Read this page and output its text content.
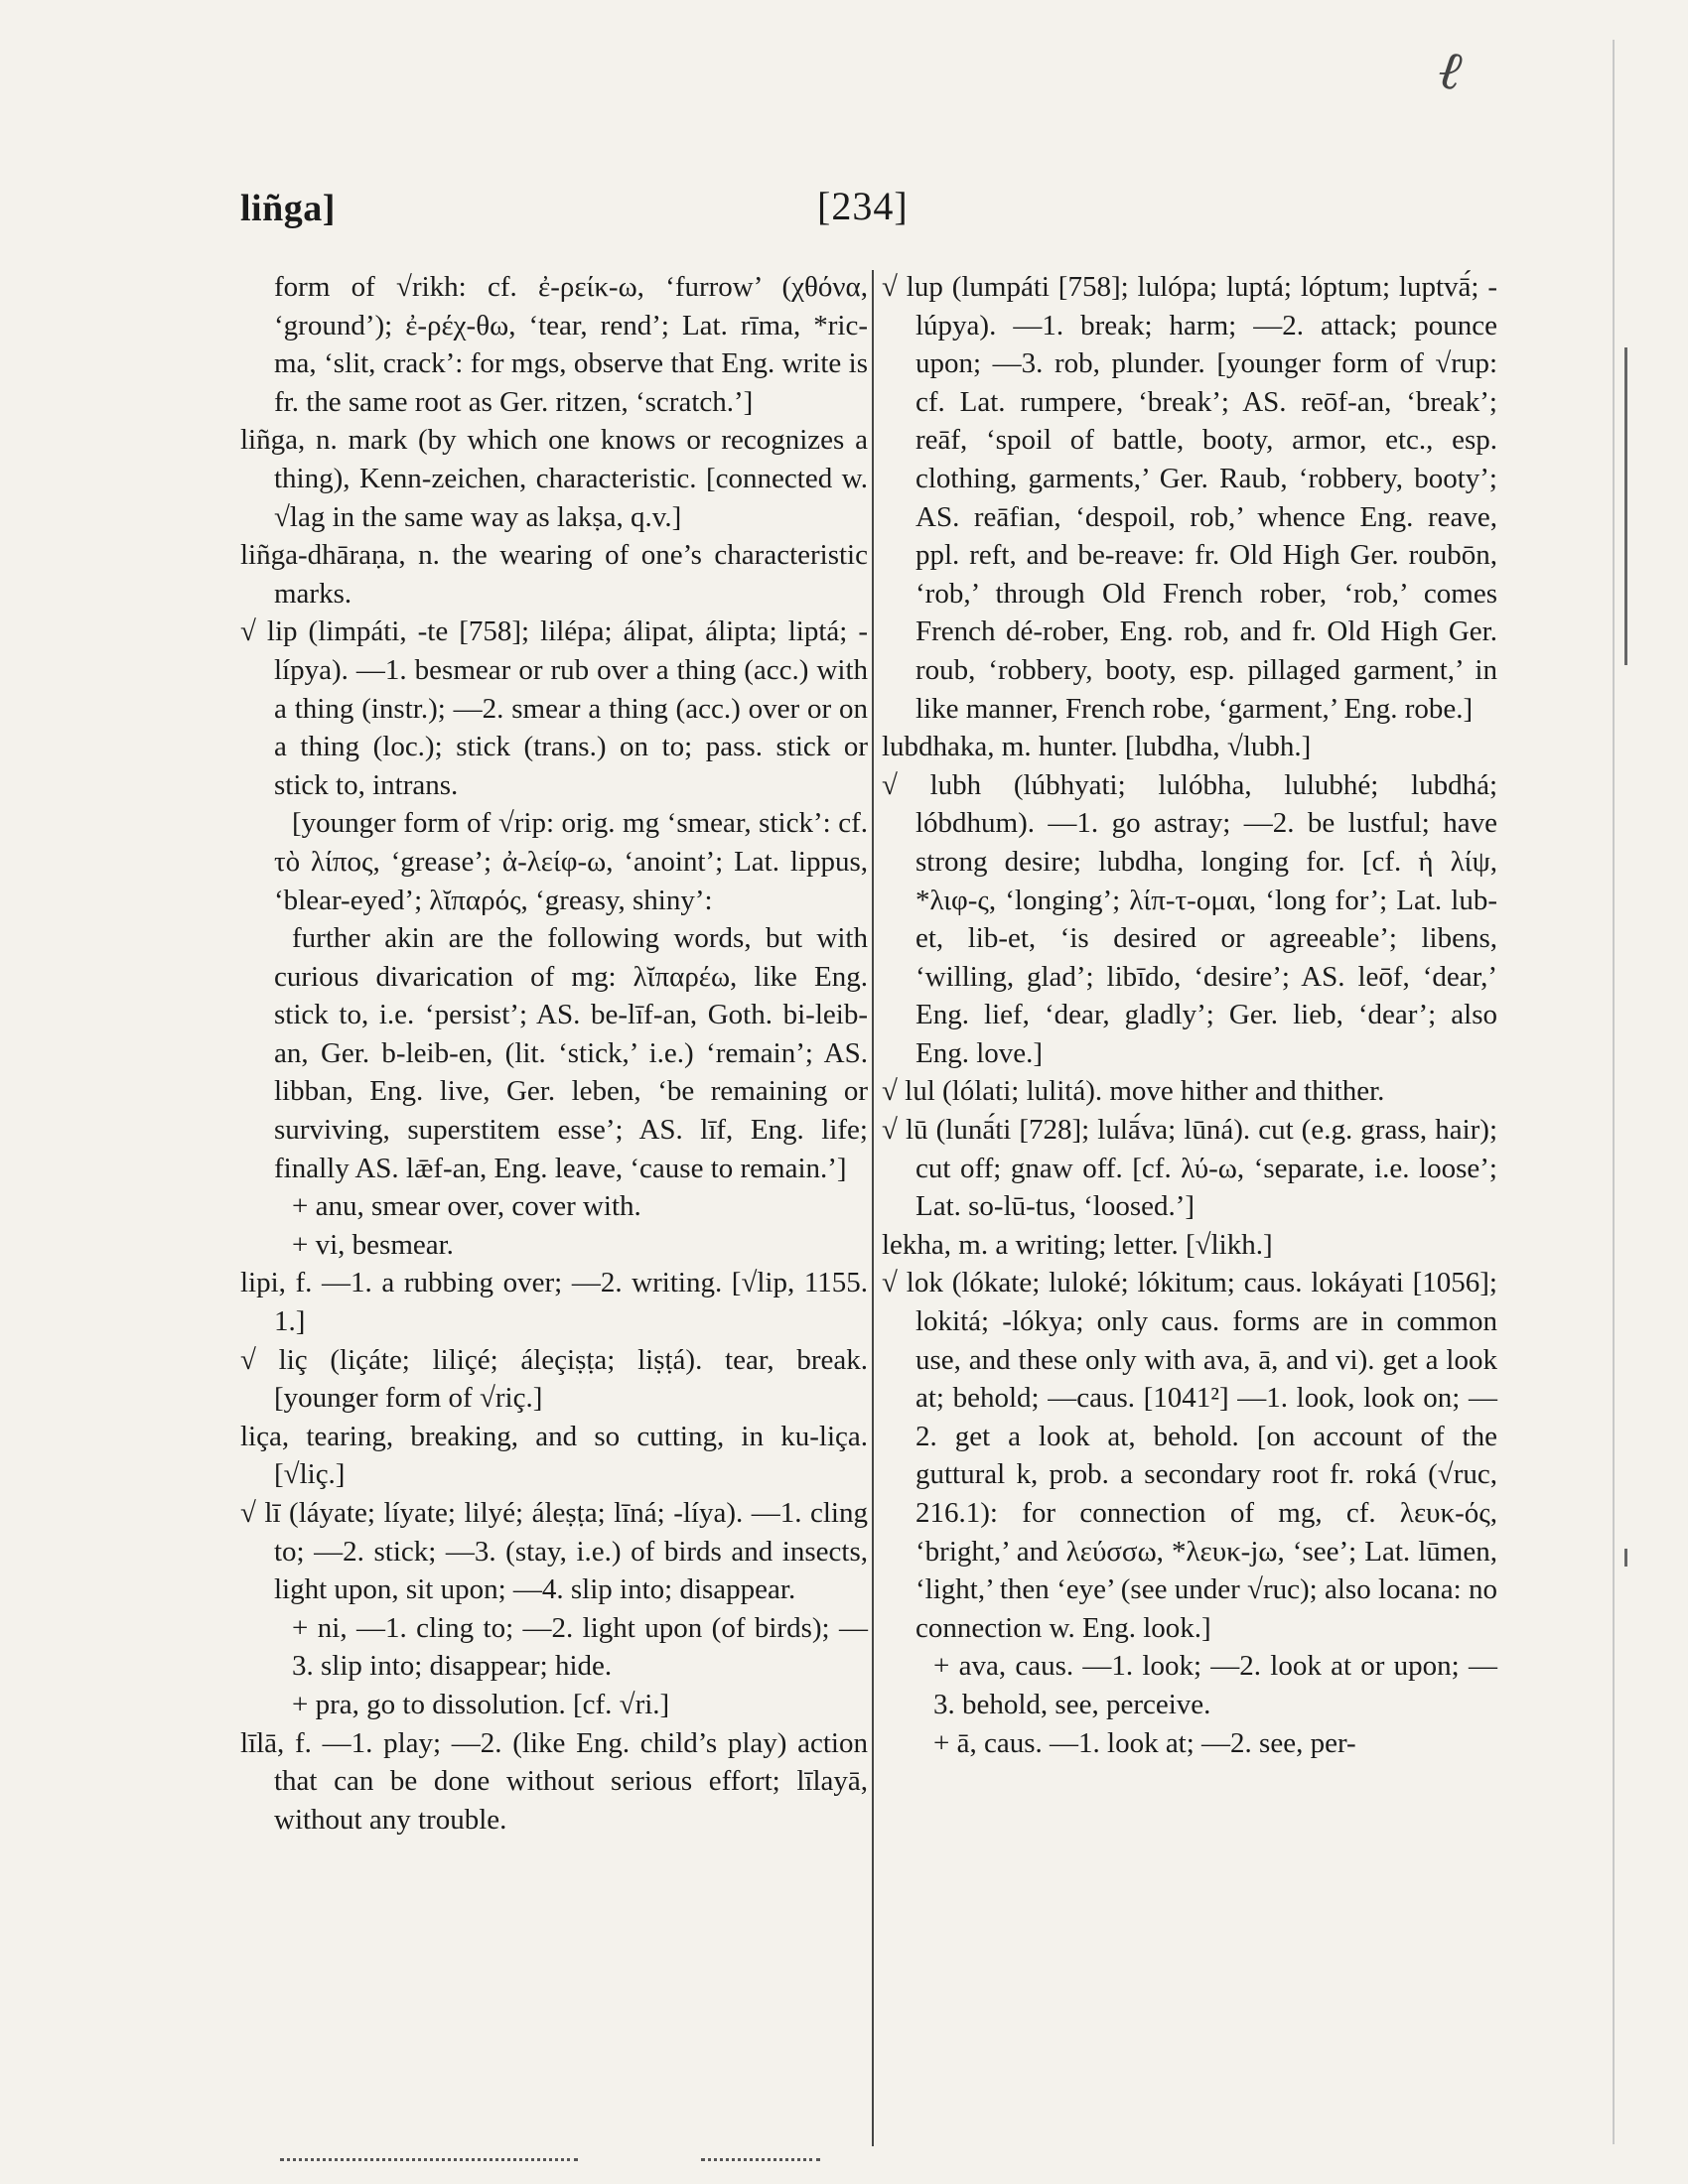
ℓ
liñga]	[234]

form of √rikh: cf. ἐ-ρείκ-ω, ‘furrow’ (χθόνα, ‘ground’); ἐ-ρέχ-θω, ‘tear, rend’; Lat. rīma, *ric-ma, ‘slit, crack’: for mgs, observe that Eng. write is fr. the same root as Ger. ritzen, ‘scratch.’]

liñga, n. mark (by which one knows or recognizes a thing), Kenn-zeichen, characteristic. [connected w. √lag in the same way as lakṣa, q.v.]

liñga-dhāraṇa, n. the wearing of one’s characteristic marks.

√ lip (limpáti, -te [758]; lilépa; álipat, álipta; liptá; -lípya). —1. besmear or rub over a thing (acc.) with a thing (instr.); —2. smear a thing (acc.) over or on a thing (loc.); stick (trans.) on to; pass. stick or stick to, intrans.

[younger form of √rip: orig. mg ‘smear, stick’: cf. τὸ λίπος, ‘grease’; ἀ-λείφ-ω, ‘anoint’; Lat. lippus, ‘blear-eyed’; λῐπαρός, ‘greasy, shiny’:

further akin are the following words, but with curious divarication of mg: λῐπαρέω, like Eng. stick to, i.e. ‘persist’; AS. be-līf-an, Goth. bi-leib-an, Ger. b-leib-en, (lit. ‘stick,’ i.e.) ‘remain’; AS. libban, Eng. live, Ger. leben, ‘be remaining or surviving, superstitem esse’; AS. līf, Eng. life; finally AS. lǣf-an, Eng. leave, ‘cause to remain.’]

+ anu, smear over, cover with.

+ vi, besmear.

lipi, f. —1. a rubbing over; —2. writing. [√lip, 1155. 1.]

√ liç (liçáte; liliçé; áleçiṣṭa; liṣṭá). tear, break. [younger form of √riç.]

liça, tearing, breaking, and so cutting, in ku-liça. [√liç.]

√ lī (láyate; líyate; lilyé; áleṣṭa; līná; -líya). —1. cling to; —2. stick; —3. (stay, i.e.) of birds and insects, light upon, sit upon; —4. slip into; disappear.

+ ni, —1. cling to; —2. light upon (of birds); —3. slip into; disappear; hide.

+ pra, go to dissolution. [cf. √ri.]

līlā, f. —1. play; —2. (like Eng. child’s play) action that can be done without serious effort; līlayā, without any trouble.

√ lup (lumpáti [758]; lulópa; luptá; lóptum; luptvā́; -lúpya). —1. break; harm; —2. attack; pounce upon; —3. rob, plunder. [younger form of √rup: cf. Lat. rumpere, ‘break’; AS. reōf-an, ‘break’; reāf, ‘spoil of battle, booty, armor, etc., esp. clothing, garments,’ Ger. Raub, ‘robbery, booty’; AS. reāfian, ‘despoil, rob,’ whence Eng. reave, ppl. reft, and be-reave: fr. Old High Ger. roubōn, ‘rob,’ through Old French rober, ‘rob,’ comes French dé-rober, Eng. rob, and fr. Old High Ger. roub, ‘robbery, booty, esp. pillaged garment,’ in like manner, French robe, ‘garment,’ Eng. robe.]

lubdhaka, m. hunter. [lubdha, √lubh.]

√ lubh (lúbhyati; lulóbha, lulubhé; lubdhá; lóbdhum). —1. go astray; —2. be lustful; have strong desire; lubdha, longing for. [cf. ἡ λίψ, *λιφ-ς, ‘longing’; λίπ-τ-ομαι, ‘long for’; Lat. lub-et, lib-et, ‘is desired or agreeable’; libens, ‘willing, glad’; libīdo, ‘desire’; AS. leōf, ‘dear,’ Eng. lief, ‘dear, gladly’; Ger. lieb, ‘dear’; also Eng. love.]

√ lul (lólati; lulitá). move hither and thither.

√ lū (lunā́ti [728]; lulā́va; lūná). cut (e.g. grass, hair); cut off; gnaw off. [cf. λύ-ω, ‘separate, i.e. loose’; Lat. so-lū-tus, ‘loosed.’]

lekha, m. a writing; letter. [√likh.]

√ lok (lókate; luloké; lókitum; caus. lokáyati [1056]; lokitá; -lókya; only caus. forms are in common use, and these only with ava, ā, and vi). get a look at; behold; —caus. [1041²] —1. look, look on; —2. get a look at, behold. [on account of the guttural k, prob. a secondary root fr. roká (√ruc, 216.1): for connection of mg, cf. λευκ-ός, ‘bright,’ and λεύσσω, *λευκ-jω, ‘see’; Lat. lūmen, ‘light,’ then ‘eye’ (see under √ruc); also locana: no connection w. Eng. look.]

+ ava, caus. —1. look; —2. look at or upon; —3. behold, see, perceive.

+ ā, caus. —1. look at; —2. see, per-
